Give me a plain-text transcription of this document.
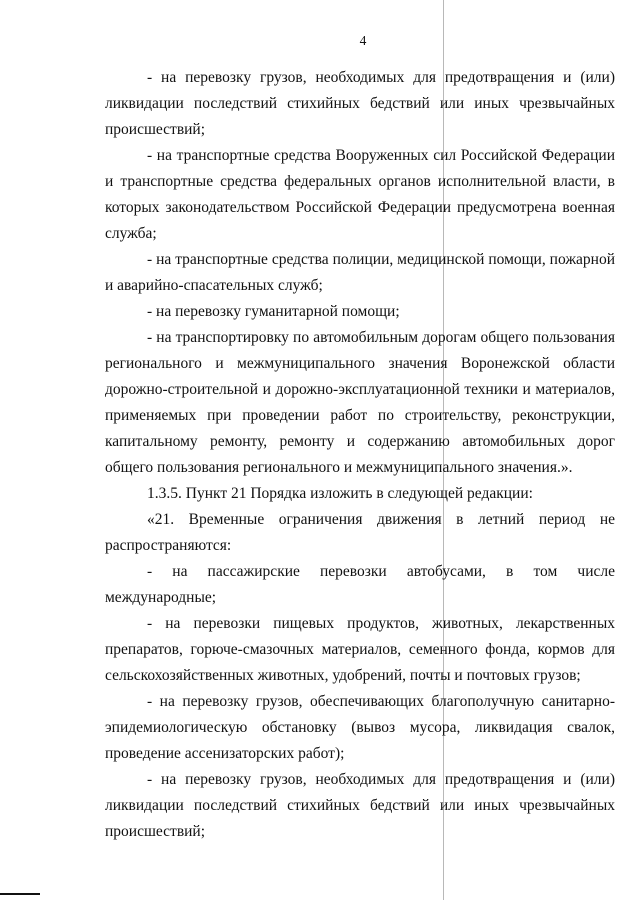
4

- на перевозку грузов, необходимых для предотвращения и (или) ликвидации последствий стихийных бедствий или иных чрезвычайных происшествий;

- на транспортные средства Вооруженных сил Российской Федерации и транспортные средства федеральных органов исполнительной власти, в которых законодательством Российской Федерации предусмотрена военная служба;

- на транспортные средства полиции, медицинской помощи, пожарной и аварийно-спасательных служб;

- на перевозку гуманитарной помощи;

- на транспортировку по автомобильным дорогам общего пользования регионального и межмуниципального значения Воронежской области дорожно-строительной и дорожно-эксплуатационной техники и материалов, применяемых при проведении работ по строительству, реконструкции, капитальному ремонту, ремонту и содержанию автомобильных дорог общего пользования регионального и межмуниципального значения.».

1.3.5. Пункт 21 Порядка изложить в следующей редакции:

«21. Временные ограничения движения в летний период не распространяются:

- на пассажирские перевозки автобусами, в том числе международные;

- на перевозки пищевых продуктов, животных, лекарственных препаратов, горюче-смазочных материалов, семенного фонда, кормов для сельскохозяйственных животных, удобрений, почты и почтовых грузов;

- на перевозку грузов, обеспечивающих благополучную санитарно-эпидемиологическую обстановку (вывоз мусора, ликвидация свалок, проведение ассенизаторских работ);

- на перевозку грузов, необходимых для предотвращения и (или) ликвидации последствий стихийных бедствий или иных чрезвычайных происшествий;
